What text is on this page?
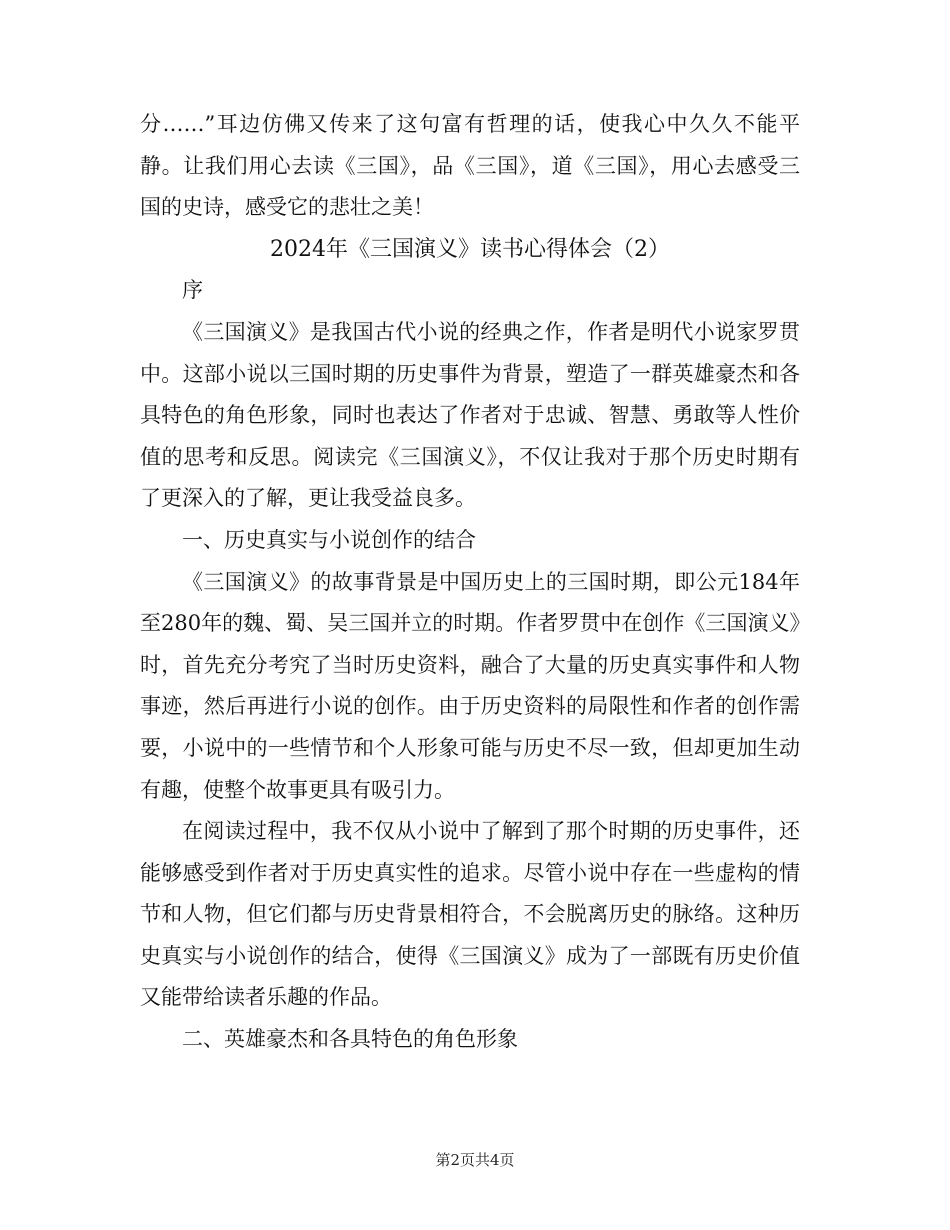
分……”耳边仿佛又传来了这句富有哲理的话，使我心中久久不能平静。让我们用心去读《三国》，品《三国》，道《三国》，用心去感受三国的史诗，感受它的悲壮之美！

2024年《三国演义》读书心得体会（2）

序

《三国演义》是我国古代小说的经典之作，作者是明代小说家罗贯中。这部小说以三国时期的历史事件为背景，塑造了一群英雄豪杰和各具特色的角色形象，同时也表达了作者对于忠诚、智慧、勇敢等人性价值的思考和反思。阅读完《三国演义》，不仅让我对于那个历史时期有了更深入的了解，更让我受益良多。

一、历史真实与小说创作的结合

《三国演义》的故事背景是中国历史上的三国时期，即公元184年至280年的魏、蜀、吴三国并立的时期。作者罗贯中在创作《三国演义》时，首先充分考究了当时历史资料，融合了大量的历史真实事件和人物事迹，然后再进行小说的创作。由于历史资料的局限性和作者的创作需要，小说中的一些情节和个人形象可能与历史不尽一致，但却更加生动有趣，使整个故事更具有吸引力。

在阅读过程中，我不仅从小说中了解到了那个时期的历史事件，还能够感受到作者对于历史真实性的追求。尽管小说中存在一些虚构的情节和人物，但它们都与历史背景相符合，不会脱离历史的脉络。这种历史真实与小说创作的结合，使得《三国演义》成为了一部既有历史价值又能带给读者乐趣的作品。

二、英雄豪杰和各具特色的角色形象

第2页共4页
